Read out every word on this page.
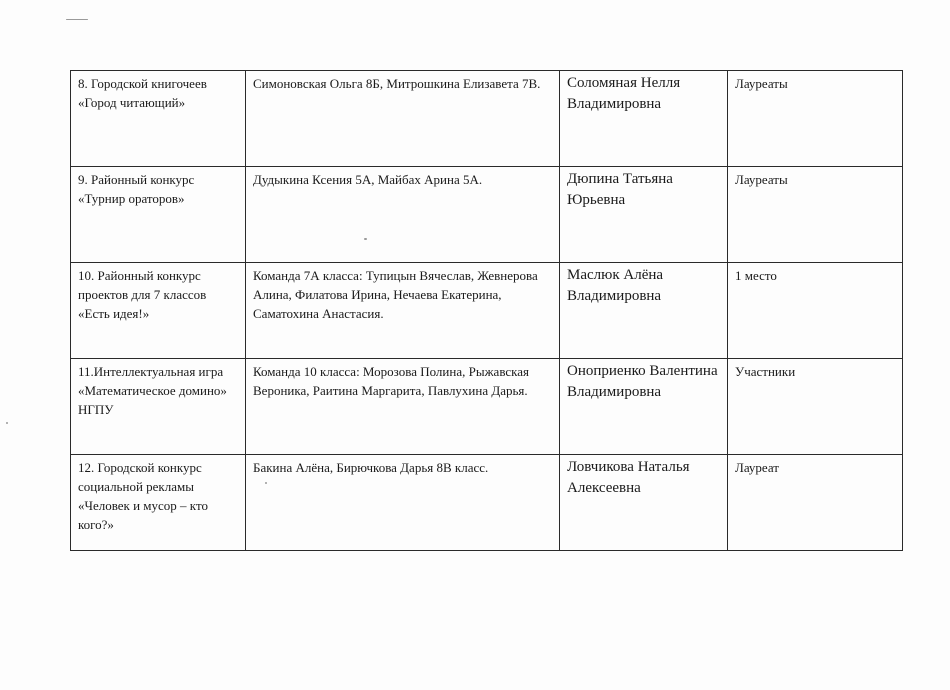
8. Городской книгочеев «Город читающий»	Симоновская Ольга 8Б, Митрошкина Елизавета 7В.	Соломяная Нелля Владимировна	Лауреаты
9. Районный конкурс «Турнир ораторов»	Дудыкина Ксения 5А, Майбах Арина 5А.	Дюпина Татьяна Юрьевна	Лауреаты
10. Районный конкурс проектов для 7 классов «Есть идея!»	Команда 7А класса: Тупицын Вячеслав, Жевнерова Алина, Филатова Ирина, Нечаева Екатерина, Саматохина Анастасия.	Маслюк Алёна Владимировна	1 место
11.Интеллектуальная игра «Математическое домино» НГПУ	Команда 10 класса: Морозова Полина, Рыжавская Вероника, Раитина Маргарита, Павлухина Дарья.	Оноприенко Валентина Владимировна	Участники
12. Городской конкурс социальной рекламы «Человек и мусор – кто кого?»	Бакина Алёна, Бирючкова Дарья 8В класс.	Ловчикова Наталья Алексеевна	Лауреат
